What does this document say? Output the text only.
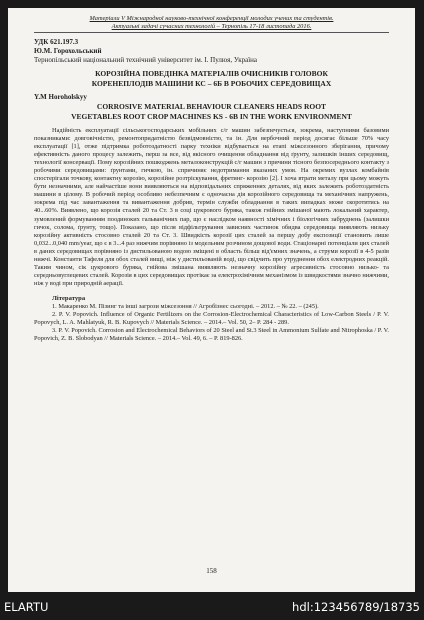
Матеріали V Міжнародної науково-технічної конференції молодих учених та студентів.
Актуальні задачі сучасних технологій – Тернопіль 17-18 листопада 2016.
УДК 621.197.3
Ю.М. Горохольський
Тернопільський національний технічний університет ім. І. Пулюя, Україна
КОРОЗІЙНА ПОВЕДІНКА МАТЕРІАЛІВ ОЧИСНИКІВ ГОЛОВОК
КОРЕНЕПЛОДІВ МАШИНИ КС – 6Б В РОБОЧИХ СЕРЕДОВИЩАХ
Y.M Horoholskyy
CORROSIVE MATERIAL BEHAVIOUR CLEANERS HEADS ROOT
VEGETABLES ROOT CROP MACHINES KS - 6B IN THE WORK ENVIRONMENT
Надійність експлуатації сільськогосподарських мобільних с/г машин забезпечується, зокрема, наступними базовими показниками: довговічністю, ремонтопридатністю безвідмовністю, та ін. Для вербочний період досягає більше 70% часу експлуатації [1], отже підтримка роботоздатності парку техніки відбувається на етапі міжсезонного зберігання, причому ефективність даного процесу залежить, перш за все, від якісного очищення обладнання від ґрунту, залишків інших середовищ, технології консервації. Пому корозійних пошкоджень металоконструкцій с/г машин з причини тісного безпосереднього контакту з робочими середовищами: ґрунтами, гичкою, ін. спричиняє недотримання вказаних умов. На окремих вузлах комбайнів спостерігали точкову, контактну корозію, корозійне розтріскування, фретинг- корозію [2]. І хоча втрати металу при цьому можуть бути незначними, але найчастіше вони виявляються на відповідальних спряженнях деталях, від яких залежить роботоздатність машини в цілому. В робочий період особливо небезпечним є одночасна дія корозійного середовища та механічних напружень, зокрема під час завантаження та вивантаження добрив, термін служби обладнання в таких випадках може скоротитись на 40...60%. Виявлено, що корозія сталей 20 та Ст. 3 в соці цукрового буряка, також гнійних змішаної мають локальний характер, зумовлений формуванням поодиноких гальванічних пар, що є наслідком наявності хімічних і біологічних забруднень (залишки гичок, солома, ґрунту, тощо). Показано, що після відфільтрування зависних частинок обидва середовища виявляють низьку корозійну активність стосовно сталей 20 та Ст. 3. Швидкість корозії цих сталей за першу добу експозиції становить лише 0,032...0,040 mm/year, що є в 3...4 раз нижчим порівняно із модельним розчином дощової води. Стаціонарні потенціали цих сталей в даних середовищах порівняно із дистильованою водою зміщені в область більш від'ємних значень, а струми корозії в 4-5 разів нижчі. Константи Тафеля для обох сталей вищі, ніж у дистильованій воді, що свідчить про утруднення обох електродних реакцій. Таким чином, сік цукрового буряка, гнійова змішана виявляють незначну корозійну агресивність стосовно низько- та середньовуглецевих сталей. Корозія в цих середовищах протікає за електрохімічним механізмом із швидкостями значно нижчими, ніж у воді при природній аерації.
Література
1. Макаренко М. Пізинг та інші загрози міжсезоння // Агробізнес сьогодні. – 2012. – № 22. – (245).
2. P. V. Popovich. Influence of Organic Fertilizers on the Corrosion-Electrochemical Characteristics of Low-Carbon Steels / P. V. Popovych, L. A. Mahlatyuk, R. B. Kupovych // Materials Science. – 2014.– Vol. 50, 2– P. 284 - 289.
3. P. V. Popovich. Corrosion and Electrochemical Behaviors of 20 Steel and St.3 Steel in Ammonium Sulfate and Nitrophoska / P. V. Popovich, Z. B. Slobodyan // Materials Science. – 2014.– Vol. 49, 6. – P. 819-826.
158
ELARTU	hdl:123456789/18735
